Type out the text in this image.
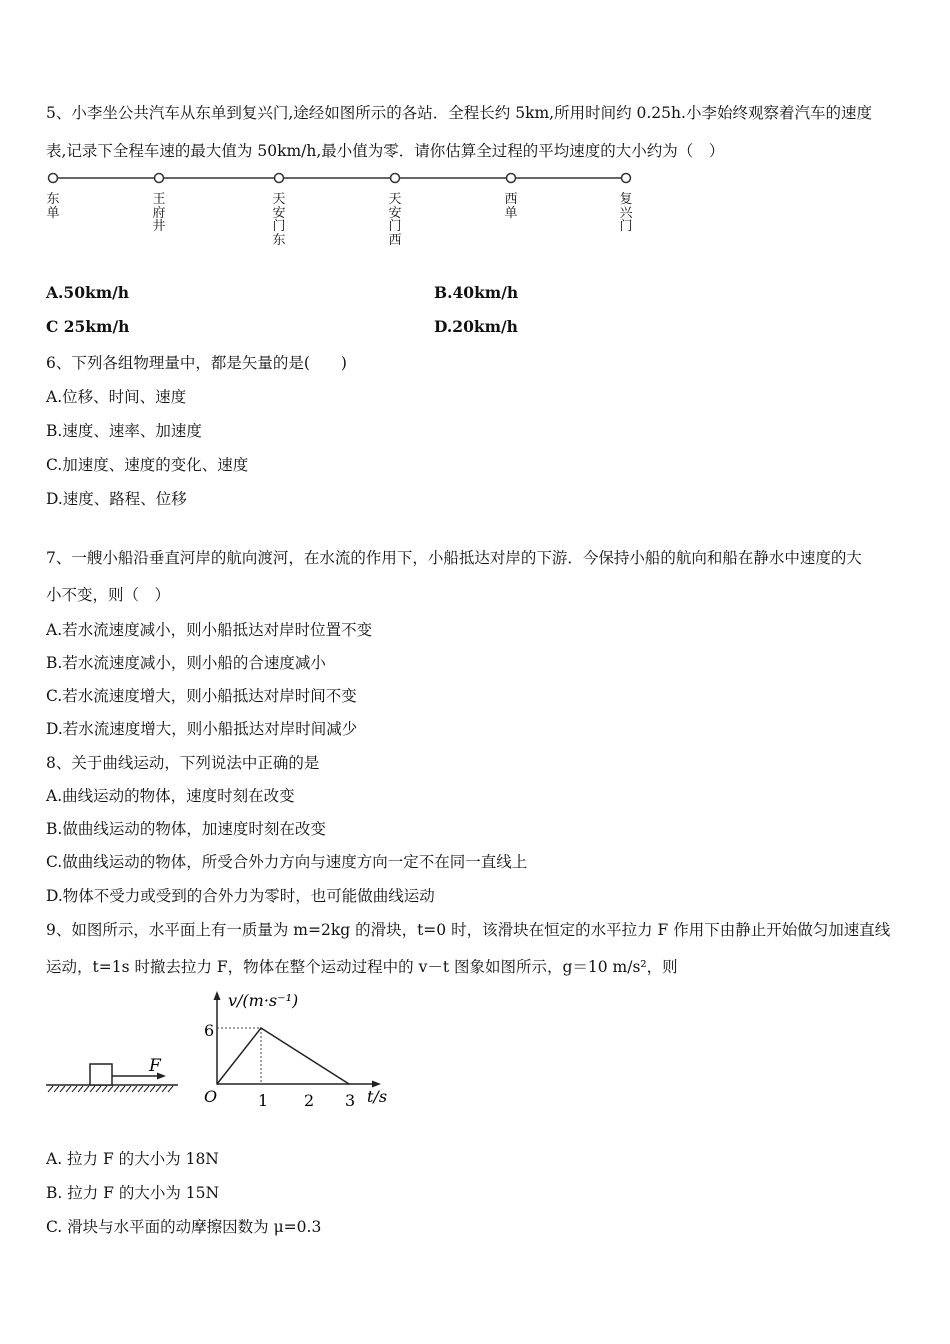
5、小李坐公共汽车从东单到复兴门,途经如图所示的各站．全程长约 5km,所用时间约 0.25h.小李始终观察着汽车的速度
表,记录下全程车速的最大值为 50km/h,最小值为零．请你估算全过程的平均速度的大小约为（　）
东
单
王
府
井
天
安
门
东
天
安
门
西
西
单
复
兴
门
A.50km/h	B.40km/h
C 25km/h	D.20km/h
6、下列各组物理量中，都是矢量的是(　　)
A.位移、时间、速度
B.速度、速率、加速度
C.加速度、速度的变化、速度
D.速度、路程、位移
7、一艘小船沿垂直河岸的航向渡河，在水流的作用下，小船抵达对岸的下游．今保持小船的航向和船在静水中速度的大
小不变，则（　）
A.若水流速度减小，则小船抵达对岸时位置不变
B.若水流速度减小，则小船的合速度减小
C.若水流速度增大，则小船抵达对岸时间不变
D.若水流速度增大，则小船抵达对岸时间减少
8、关于曲线运动，下列说法中正确的是
A.曲线运动的物体，速度时刻在改变
B.做曲线运动的物体，加速度时刻在改变
C.做曲线运动的物体，所受合外力方向与速度方向一定不在同一直线上
D.物体不受力或受到的合外力为零时，也可能做曲线运动
9、如图所示，水平面上有一质量为 m=2kg 的滑块，t=0 时，该滑块在恒定的水平拉力 F 作用下由静止开始做匀加速直线
运动，t=1s 时撤去拉力 F，物体在整个运动过程中的 v－t 图象如图所示，g＝10 m/s²，则
F
v/(m·s⁻¹)
t/s
O
6
1 2 3
A. 拉力 F 的大小为 18N
B. 拉力 F 的大小为 15N
C. 滑块与水平面的动摩擦因数为 μ=0.3
